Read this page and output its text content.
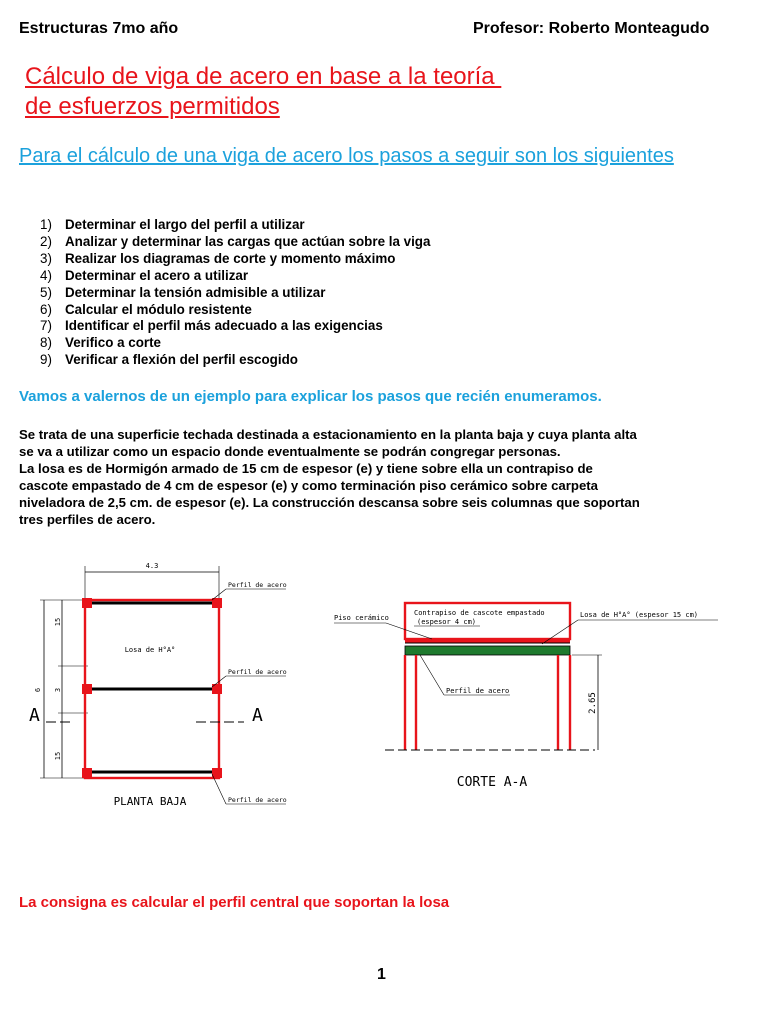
Estructuras 7mo año	Profesor: Roberto Monteagudo
Cálculo de viga de acero en base a la teoría
de esfuerzos permitidos
Para el cálculo de una viga de acero los pasos a seguir son los siguientes
1) Determinar el largo del perfil a utilizar
2) Analizar y determinar las cargas que actúan sobre la viga
3) Realizar los diagramas de corte y momento máximo
4) Determinar el acero a utilizar
5) Determinar la tensión admisible a utilizar
6) Calcular el módulo resistente
7) Identificar el perfil más adecuado a las exigencias
8) Verifico a corte
9) Verificar a flexión del perfil escogido
Vamos a valernos de un ejemplo para explicar los pasos que recién enumeramos.
Se trata de una superficie techada destinada a estacionamiento en la planta baja y cuya planta alta
se va a utilizar como un espacio donde eventualmente se podrán congregar personas.
La losa es de Hormigón armado de 15 cm de espesor (e) y tiene sobre ella un contrapiso de
cascote empastado de 4 cm de espesor (e) y como terminación piso cerámico sobre carpeta
niveladora de 2,5 cm. de espesor (e). La construcción descansa sobre seis columnas que soportan
tres perfiles de acero.
4.3
6
15
3
15
Losa de H°A°
Perfil de acero
Perfil de acero
Perfil de acero
A	A
PLANTA BAJA
2.65
Piso cerámico
Contrapiso de cascote empastado
(espesor 4 cm)
Losa de H°A° (espesor 15 cm)
Perfil de acero
CORTE A-A
La consigna es calcular el perfil central que soportan la losa
1
